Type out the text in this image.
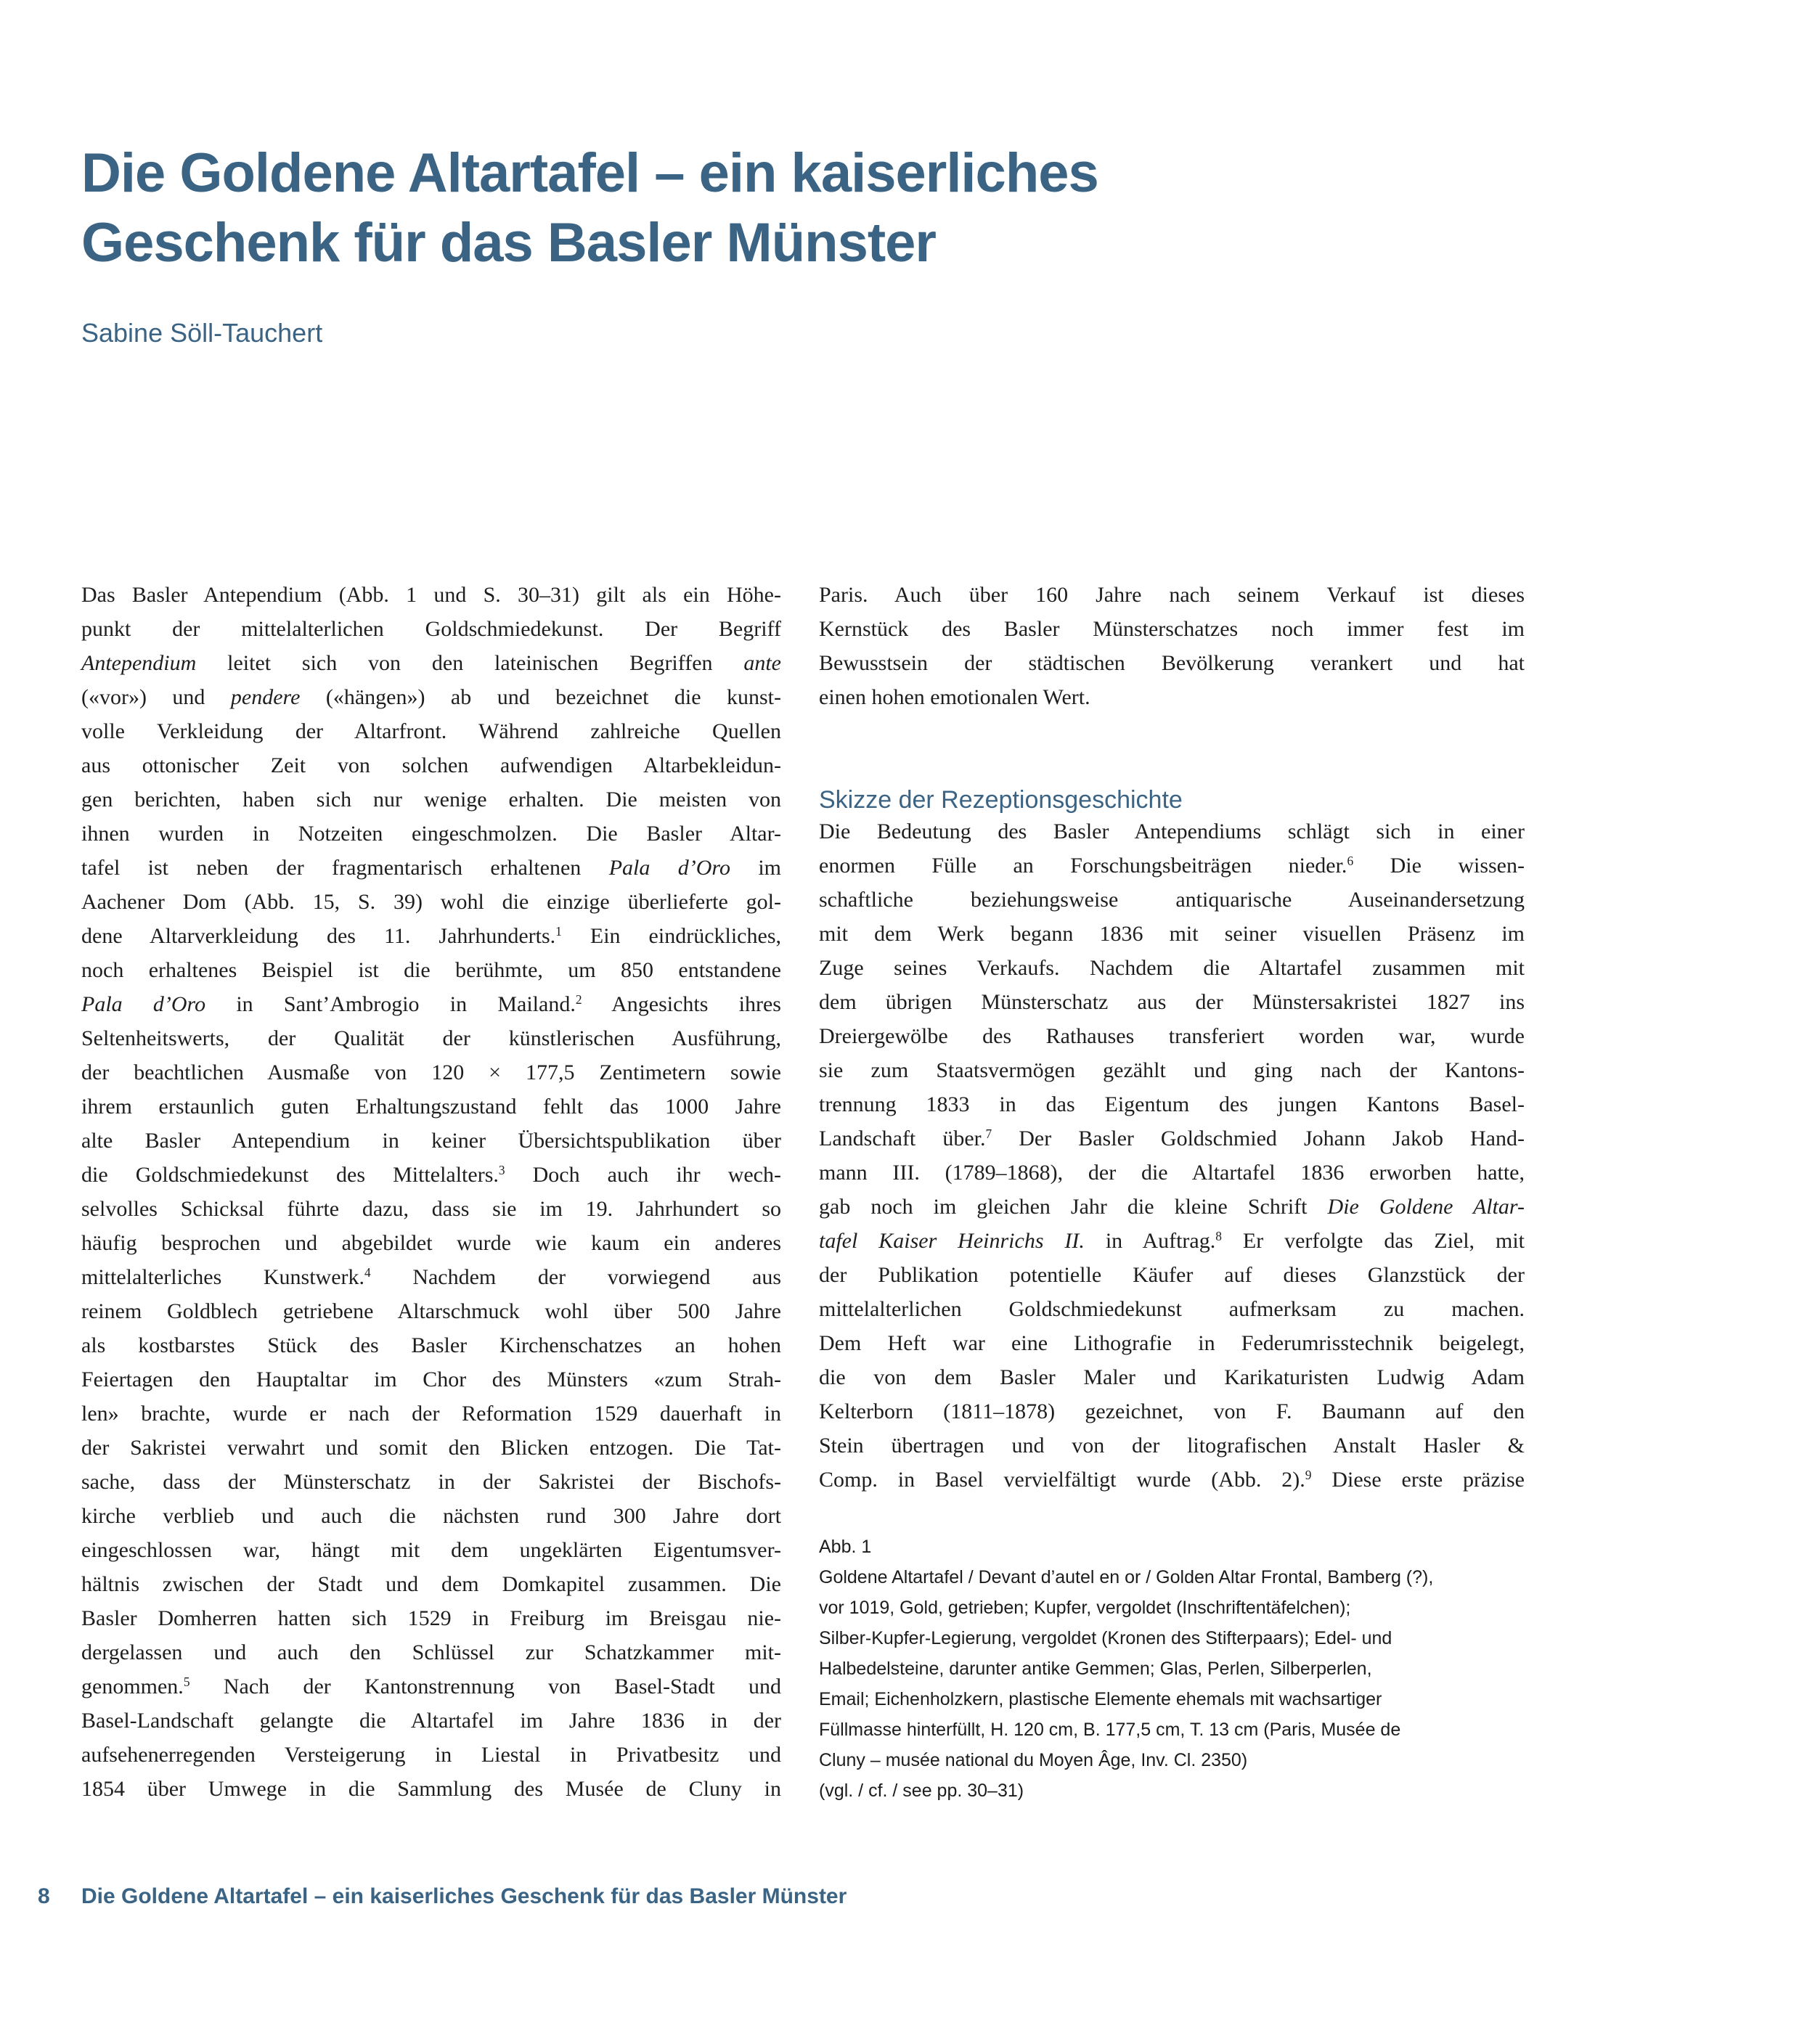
Die Goldene Altartafel – ein kaiserliches
Geschenk für das Basler Münster
Sabine Söll-Tauchert
Das Basler Antependium (Abb. 1 und S. 30–31) gilt als ein Höhe-
punkt der mittelalterlichen Goldschmiedekunst. Der Begriff
Antependium leitet sich von den lateinischen Begriffen ante
(«vor») und pendere («hängen») ab und bezeichnet die kunst-
volle Verkleidung der Altarfront. Während zahlreiche Quellen
aus ottonischer Zeit von solchen aufwendigen Altarbekleidun-
gen berichten, haben sich nur wenige erhalten. Die meisten von
ihnen wurden in Notzeiten eingeschmolzen. Die Basler Altar-
tafel ist neben der fragmentarisch erhaltenen Pala d’Oro im
Aachener Dom (Abb. 15, S. 39) wohl die einzige überlieferte gol-
dene Altarverkleidung des 11. Jahrhunderts.$^1$ Ein eindrückliches,
noch erhaltenes Beispiel ist die berühmte, um 850 entstandene
Pala d’Oro in Sant’Ambrogio in Mailand.$^2$ Angesichts ihres
Seltenheitswerts, der Qualität der künstlerischen Ausführung,
der beachtlichen Ausmaße von 120 × 177,5 Zentimetern sowie
ihrem erstaunlich guten Erhaltungszustand fehlt das 1000 Jahre
alte Basler Antependium in keiner Übersichtspublikation über
die Goldschmiedekunst des Mittelalters.$^3$ Doch auch ihr wech-
selvolles Schicksal führte dazu, dass sie im 19. Jahrhundert so
häufig besprochen und abgebildet wurde wie kaum ein anderes
mittelalterliches Kunstwerk.$^4$ Nachdem der vorwiegend aus
reinem Goldblech getriebene Altarschmuck wohl über 500 Jahre
als kostbarstes Stück des Basler Kirchenschatzes an hohen
Feiertagen den Hauptaltar im Chor des Münsters «zum Strah-
len» brachte, wurde er nach der Reformation 1529 dauerhaft in
der Sakristei verwahrt und somit den Blicken entzogen. Die Tat-
sache, dass der Münsterschatz in der Sakristei der Bischofs-
kirche verblieb und auch die nächsten rund 300 Jahre dort
eingeschlossen war, hängt mit dem ungeklärten Eigentumsver-
hältnis zwischen der Stadt und dem Domkapitel zusammen. Die
Basler Domherren hatten sich 1529 in Freiburg im Breisgau nie-
dergelassen und auch den Schlüssel zur Schatzkammer mit-
genommen.$^5$ Nach der Kantonstrennung von Basel-Stadt und
Basel-Landschaft gelangte die Altartafel im Jahre 1836 in der
aufsehenerregenden Versteigerung in Liestal in Privatbesitz und
1854 über Umwege in die Sammlung des Musée de Cluny in
Paris. Auch über 160 Jahre nach seinem Verkauf ist dieses
Kernstück des Basler Münsterschatzes noch immer fest im
Bewusstsein der städtischen Bevölkerung verankert und hat
einen hohen emotionalen Wert.
Skizze der Rezeptionsgeschichte
Die Bedeutung des Basler Antependiums schlägt sich in einer
enormen Fülle an Forschungsbeiträgen nieder.$^6$ Die wissen-
schaftliche beziehungsweise antiquarische Auseinandersetzung
mit dem Werk begann 1836 mit seiner visuellen Präsenz im
Zuge seines Verkaufs. Nachdem die Altartafel zusammen mit
dem übrigen Münsterschatz aus der Münstersakristei 1827 ins
Dreiergewölbe des Rathauses transferiert worden war, wurde
sie zum Staatsvermögen gezählt und ging nach der Kantons-
trennung 1833 in das Eigentum des jungen Kantons Basel-
Landschaft über.$^7$ Der Basler Goldschmied Johann Jakob Hand-
mann III. (1789–1868), der die Altartafel 1836 erworben hatte,
gab noch im gleichen Jahr die kleine Schrift Die Goldene Altar-
tafel Kaiser Heinrichs II. in Auftrag.$^8$ Er verfolgte das Ziel, mit
der Publikation potentielle Käufer auf dieses Glanzstück der
mittelalterlichen Goldschmiedekunst aufmerksam zu machen.
Dem Heft war eine Lithografie in Federumrisstechnik beigelegt,
die von dem Basler Maler und Karikaturisten Ludwig Adam
Kelterborn (1811–1878) gezeichnet, von F. Baumann auf den
Stein übertragen und von der litografischen Anstalt Hasler &
Comp. in Basel vervielfältigt wurde (Abb. 2).$^9$ Diese erste präzise
Abb. 1
Goldene Altartafel / Devant d’autel en or / Golden Altar Frontal, Bamberg (?),
vor 1019, Gold, getrieben; Kupfer, vergoldet (Inschriftentäfelchen);
Silber-Kupfer-Legierung, vergoldet (Kronen des Stifterpaars); Edel- und
Halbedelsteine, darunter antike Gemmen; Glas, Perlen, Silberperlen,
Email; Eichenholzkern, plastische Elemente ehemals mit wachsartiger
Füllmasse hinterfüllt, H. 120 cm, B. 177,5 cm, T. 13 cm (Paris, Musée de
Cluny – musée national du Moyen Âge, Inv. Cl. 2350)
(vgl. / cf. / see pp. 30–31)
8 Die Goldene Altartafel – ein kaiserliches Geschenk für das Basler Münster
